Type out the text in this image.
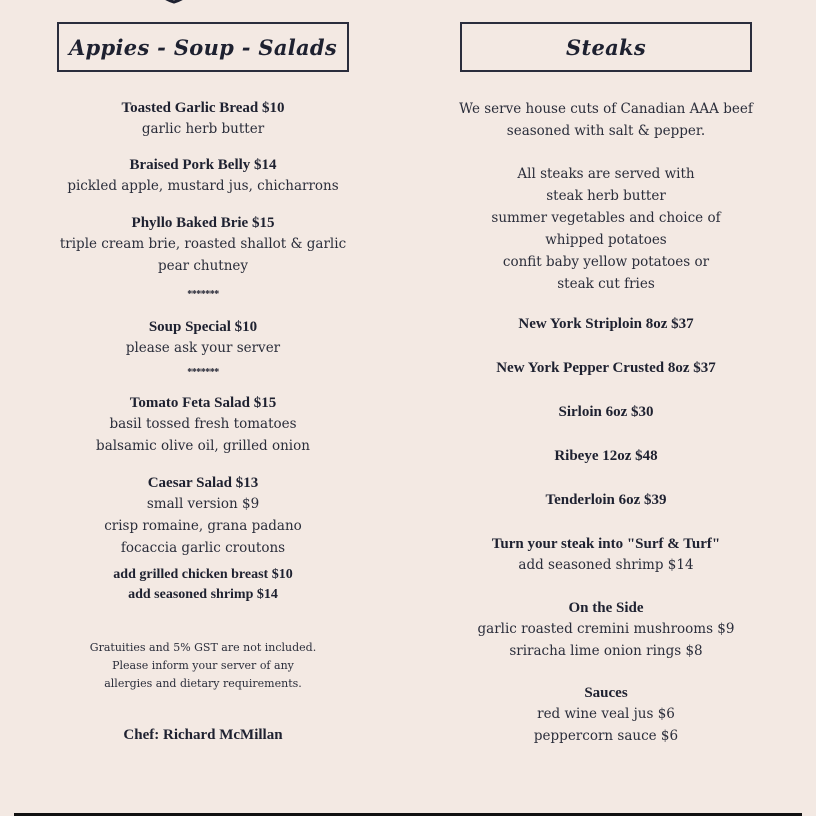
Appies - Soup - Salads	Steaks
Toasted Garlic Bread $10
garlic herb butter
Braised Pork Belly $14
pickled apple, mustard jus, chicharrons
Phyllo Baked Brie $15
triple cream brie, roasted shallot & garlic
pear chutney
*******
Soup Special $10
please ask your server
*******
Tomato Feta Salad $15
basil tossed fresh tomatoes
balsamic olive oil, grilled onion
Caesar Salad $13
small version $9
crisp romaine, grana padano
focaccia garlic croutons
add grilled chicken breast $10
add seasoned shrimp $14
Gratuities and 5% GST are not included.
Please inform your server of any
allergies and dietary requirements.
Chef: Richard McMillan
We serve house cuts of Canadian AAA beef
seasoned with salt & pepper.
All steaks are served with
steak herb butter
summer vegetables and choice of
whipped potatoes
confit baby yellow potatoes or
steak cut fries
New York Striploin 8oz $37
New York Pepper Crusted 8oz $37
Sirloin 6oz $30
Ribeye 12oz $48
Tenderloin 6oz $39
Turn your steak into "Surf & Turf"
add seasoned shrimp $14
On the Side
garlic roasted cremini mushrooms $9
sriracha lime onion rings $8
Sauces
red wine veal jus $6
peppercorn sauce $6
